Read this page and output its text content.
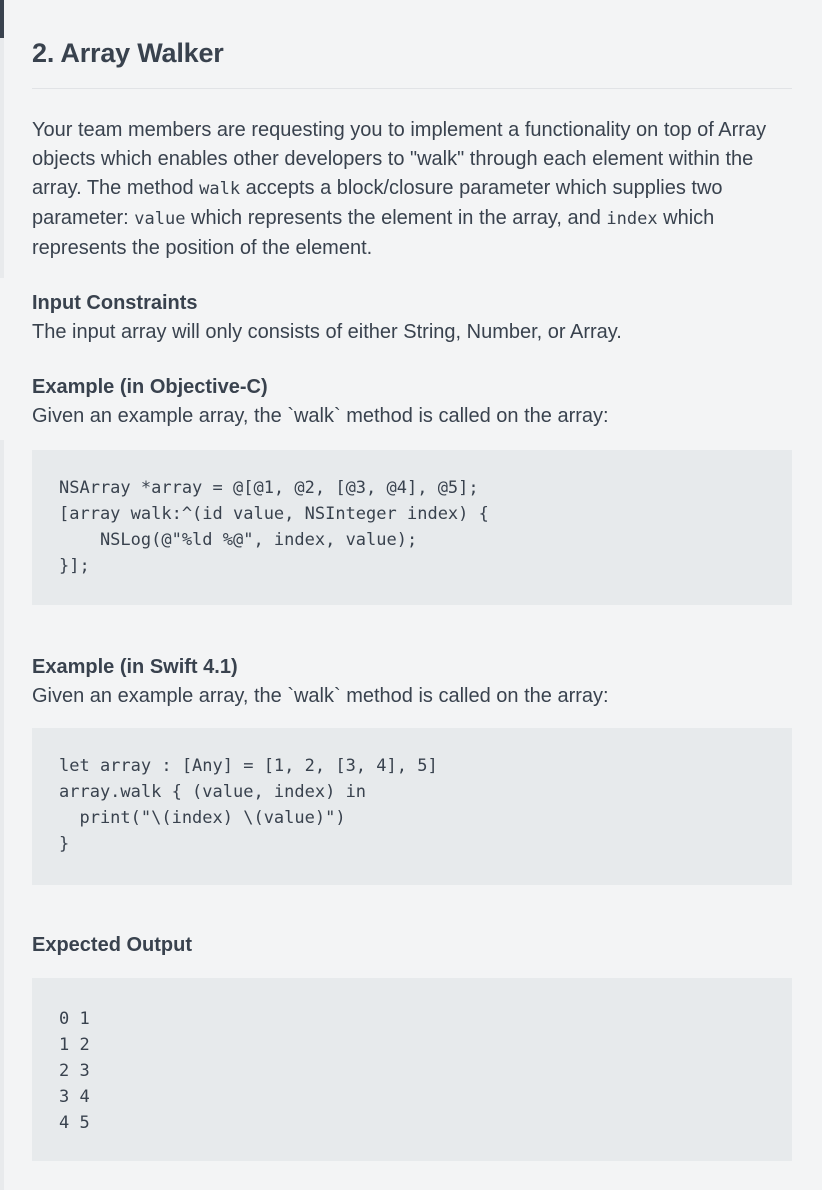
2. Array Walker

Your team members are requesting you to implement a functionality on top of Array objects which enables other developers to "walk" through each element within the array. The method walk accepts a block/closure parameter which supplies two parameter: value which represents the element in the array, and index which represents the position of the element.

Input Constraints

The input array will only consists of either String, Number, or Array.

Example (in Objective-C)

Given an example array, the `walk` method is called on the array:

NSArray *array = @[@1, @2, [@3, @4], @5];
[array walk:^(id value, NSInteger index) {
NSLog(@"%ld %@", index, value);
}];
Example (in Swift 4.1)

Given an example array, the `walk` method is called on the array:

let array : [Any] = [1, 2, [3, 4], 5]
array.walk { (value, index) in
print("\(index) \(value)")
}
Expected Output
0 1
1 2
2 3
3 4
4 5
